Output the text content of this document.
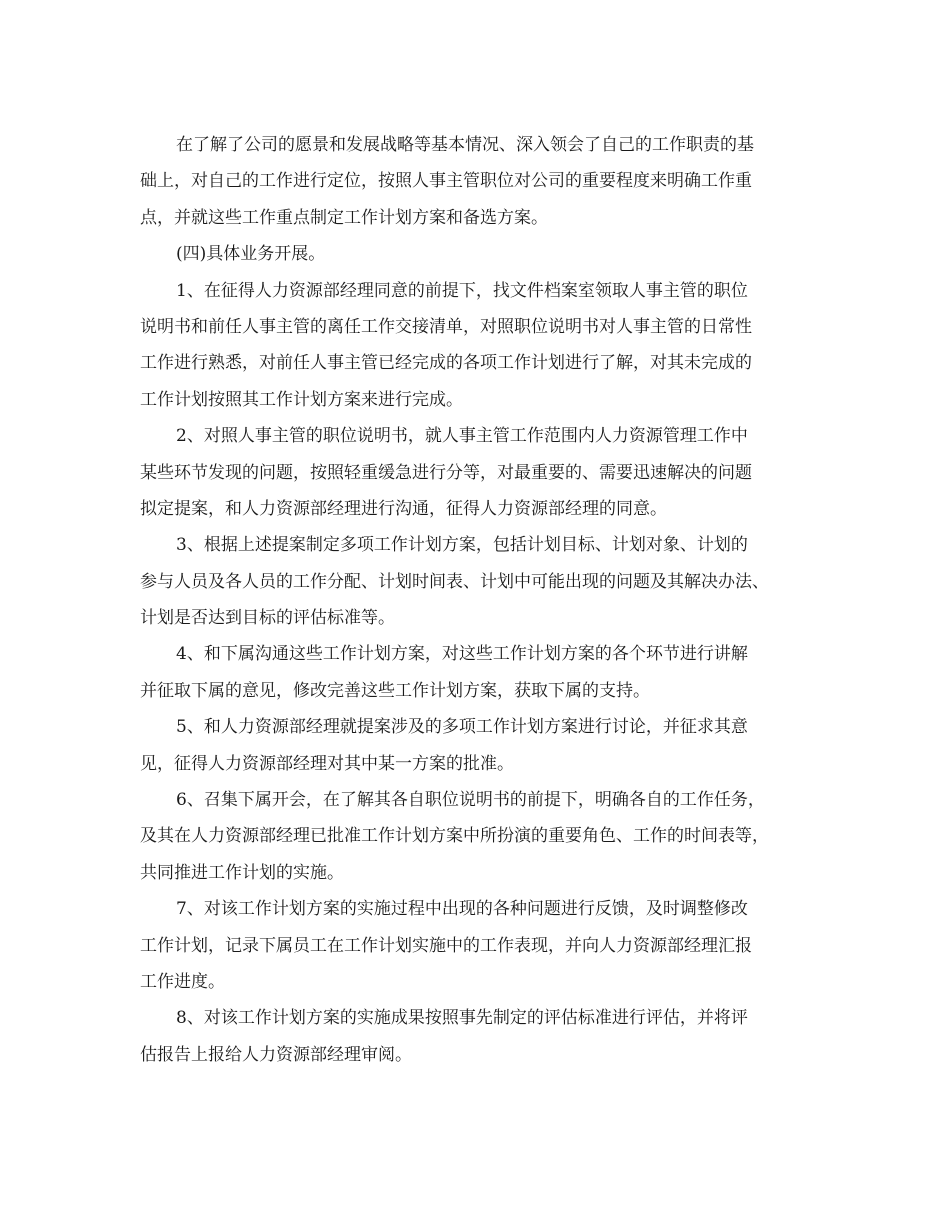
在了解了公司的愿景和发展战略等基本情况、深入领会了自己的工作职责的基
础上，对自己的工作进行定位，按照人事主管职位对公司的重要程度来明确工作重
点，并就这些工作重点制定工作计划方案和备选方案。
(四)具体业务开展。
1、在征得人力资源部经理同意的前提下，找文件档案室领取人事主管的职位
说明书和前任人事主管的离任工作交接清单，对照职位说明书对人事主管的日常性
工作进行熟悉，对前任人事主管已经完成的各项工作计划进行了解，对其未完成的
工作计划按照其工作计划方案来进行完成。
2、对照人事主管的职位说明书，就人事主管工作范围内人力资源管理工作中
某些环节发现的问题，按照轻重缓急进行分等，对最重要的、需要迅速解决的问题
拟定提案，和人力资源部经理进行沟通，征得人力资源部经理的同意。
3、根据上述提案制定多项工作计划方案，包括计划目标、计划对象、计划的
参与人员及各人员的工作分配、计划时间表、计划中可能出现的问题及其解决办法、
计划是否达到目标的评估标准等。
4、和下属沟通这些工作计划方案，对这些工作计划方案的各个环节进行讲解
并征取下属的意见，修改完善这些工作计划方案，获取下属的支持。
5、和人力资源部经理就提案涉及的多项工作计划方案进行讨论，并征求其意
见，征得人力资源部经理对其中某一方案的批准。
6、召集下属开会，在了解其各自职位说明书的前提下，明确各自的工作任务，
及其在人力资源部经理已批准工作计划方案中所扮演的重要角色、工作的时间表等，
共同推进工作计划的实施。
7、对该工作计划方案的实施过程中出现的各种问题进行反馈，及时调整修改
工作计划，记录下属员工在工作计划实施中的工作表现，并向人力资源部经理汇报
工作进度。
8、对该工作计划方案的实施成果按照事先制定的评估标准进行评估，并将评
估报告上报给人力资源部经理审阅。
